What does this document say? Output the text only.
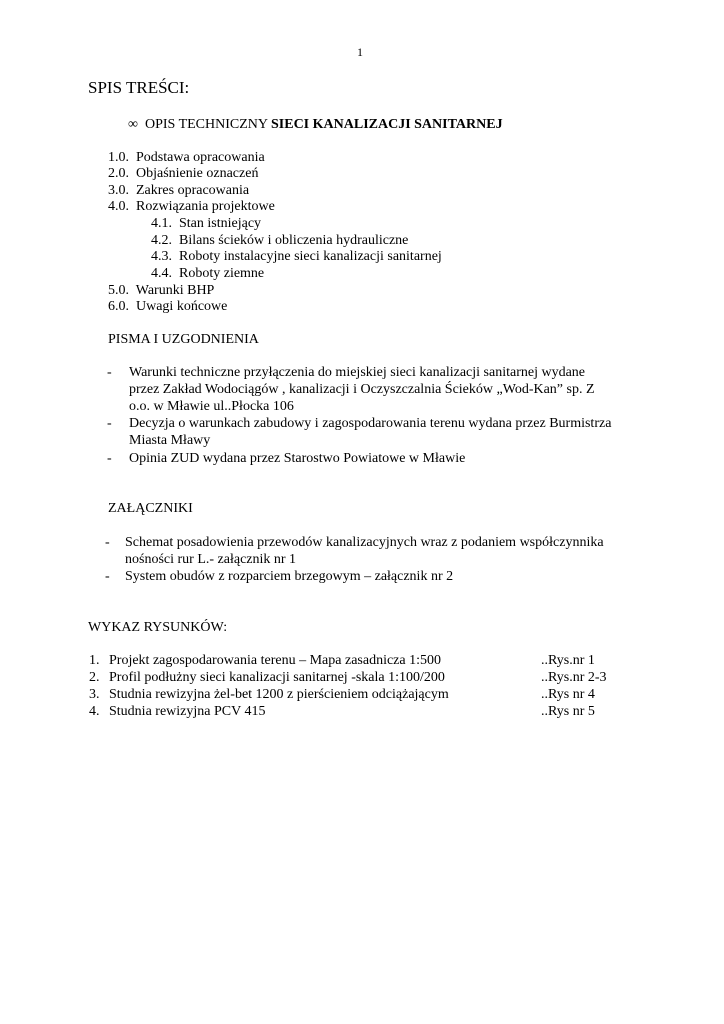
1
SPIS TREŚCI:
∞ OPIS TECHNICZNY SIECI KANALIZACJI SANITARNEJ
1.0. Podstawa opracowania
2.0. Objaśnienie oznaczeń
3.0. Zakres opracowania
4.0. Rozwiązania projektowe
4.1. Stan istniejący
4.2. Bilans ścieków i obliczenia hydrauliczne
4.3. Roboty instalacyjne sieci kanalizacji sanitarnej
4.4. Roboty ziemne
5.0. Warunki BHP
6.0. Uwagi końcowe
PISMA I UZGODNIENIA
- Warunki techniczne przyłączenia do miejskiej sieci kanalizacji sanitarnej wydane
przez Zakład Wodociągów , kanalizacji i Oczyszczalnia Ścieków „Wod-Kan” sp. Z
o.o. w Mławie ul..Płocka 106
- Decyzja o warunkach zabudowy i zagospodarowania terenu wydana przez Burmistrza
Miasta Mławy
- Opinia ZUD wydana przez Starostwo Powiatowe w Mławie
ZAŁĄCZNIKI
- Schemat posadowienia przewodów kanalizacyjnych wraz z podaniem współczynnika
nośności rur L.- załącznik nr 1
- System obudów z rozparciem brzegowym – załącznik nr 2
WYKAZ RYSUNKÓW:
1. Projekt zagospodarowania terenu – Mapa zasadnicza 1:500	..Rys.nr 1
2. Profil podłużny sieci kanalizacji sanitarnej -skala 1:100/200	..Rys.nr 2-3
3. Studnia rewizyjna żel-bet 1200 z pierścieniem odciążającym	..Rys nr 4
4. Studnia rewizyjna PCV 415	..Rys nr 5
